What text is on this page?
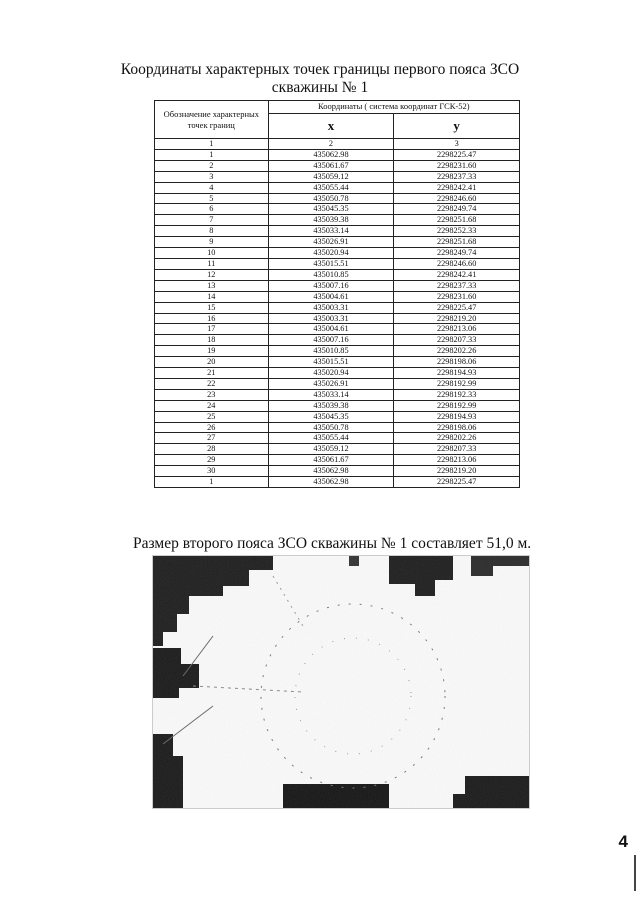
Координаты характерных точек границы первого пояса ЗСО
скважины № 1
Обозначение характерных точек границ	Координаты ( система координат ГСК-52)	
	x	y
1	2	3
1	435062.98	2298225.47
2	435061.67	2298231.60
3	435059.12	2298237.33
4	435055.44	2298242.41
5	435050.78	2298246.60
6	435045.35	2298249.74
7	435039.38	2298251.68
8	435033.14	2298252.33
9	435026.91	2298251.68
10	435020.94	2298249.74
11	435015.51	2298246.60
12	435010.85	2298242.41
13	435007.16	2298237.33
14	435004.61	2298231.60
15	435003.31	2298225.47
16	435003.31	2298219.20
17	435004.61	2298213.06
18	435007.16	2298207.33
19	435010.85	2298202.26
20	435015.51	2298198.06
21	435020.94	2298194.93
22	435026.91	2298192.99
23	435033.14	2298192.33
24	435039.38	2298192.99
25	435045.35	2298194.93
26	435050.78	2298198.06
27	435055.44	2298202.26
28	435059.12	2298207.33
29	435061.67	2298213.06
30	435062.98	2298219.20
1	435062.98	2298225.47
Размер второго пояса ЗСО скважины № 1 составляет 51,0 м.
4
